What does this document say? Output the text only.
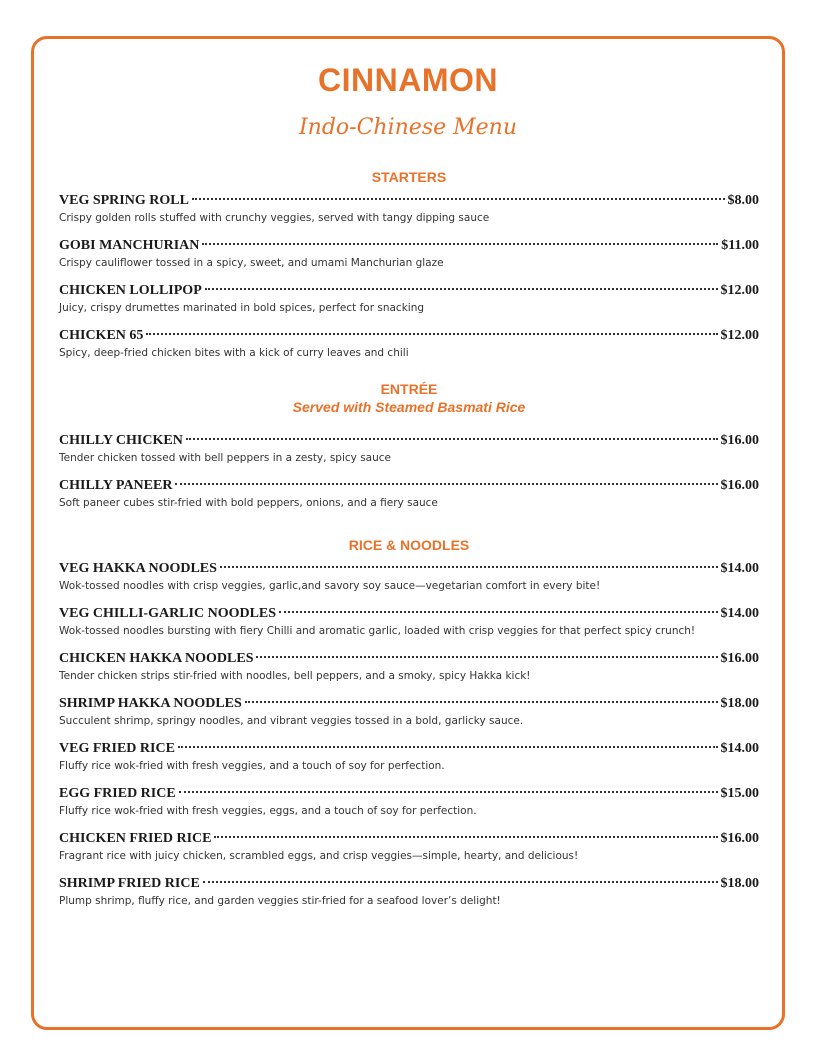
CINNAMON
Indo-Chinese Menu
STARTERS
VEG SPRING ROLL	$8.00
Crispy golden rolls stuffed with crunchy veggies, served with tangy dipping sauce
GOBI MANCHURIAN	$11.00
Crispy cauliflower tossed in a spicy, sweet, and umami Manchurian glaze
CHICKEN LOLLIPOP	$12.00
Juicy, crispy drumettes marinated in bold spices, perfect for snacking
CHICKEN 65	$12.00
Spicy, deep-fried chicken bites with a kick of curry leaves and chili
ENTRÉE
Served with Steamed Basmati Rice
CHILLY CHICKEN	$16.00
Tender chicken tossed with bell peppers in a zesty, spicy sauce
CHILLY PANEER	$16.00
Soft paneer cubes stir-fried with bold peppers, onions, and a fiery sauce
RICE & NOODLES
VEG HAKKA NOODLES	$14.00
Wok-tossed noodles with crisp veggies, garlic,and savory soy sauce—vegetarian comfort in every bite!
VEG CHILLI-GARLIC NOODLES	$14.00
Wok-tossed noodles bursting with fiery Chilli and aromatic garlic, loaded with crisp veggies for that perfect spicy crunch!
CHICKEN HAKKA NOODLES	$16.00
Tender chicken strips stir-fried with noodles, bell peppers, and a smoky, spicy Hakka kick!
SHRIMP HAKKA NOODLES	$18.00
Succulent shrimp, springy noodles, and vibrant veggies tossed in a bold, garlicky sauce.
VEG FRIED RICE	$14.00
Fluffy rice wok-fried with fresh veggies, and a touch of soy for perfection.
EGG FRIED RICE	$15.00
Fluffy rice wok-fried with fresh veggies, eggs, and a touch of soy for perfection.
CHICKEN FRIED RICE	$16.00
Fragrant rice with juicy chicken, scrambled eggs, and crisp veggies—simple, hearty, and delicious!
SHRIMP FRIED RICE	$18.00
Plump shrimp, fluffy rice, and garden veggies stir-fried for a seafood lover’s delight!
